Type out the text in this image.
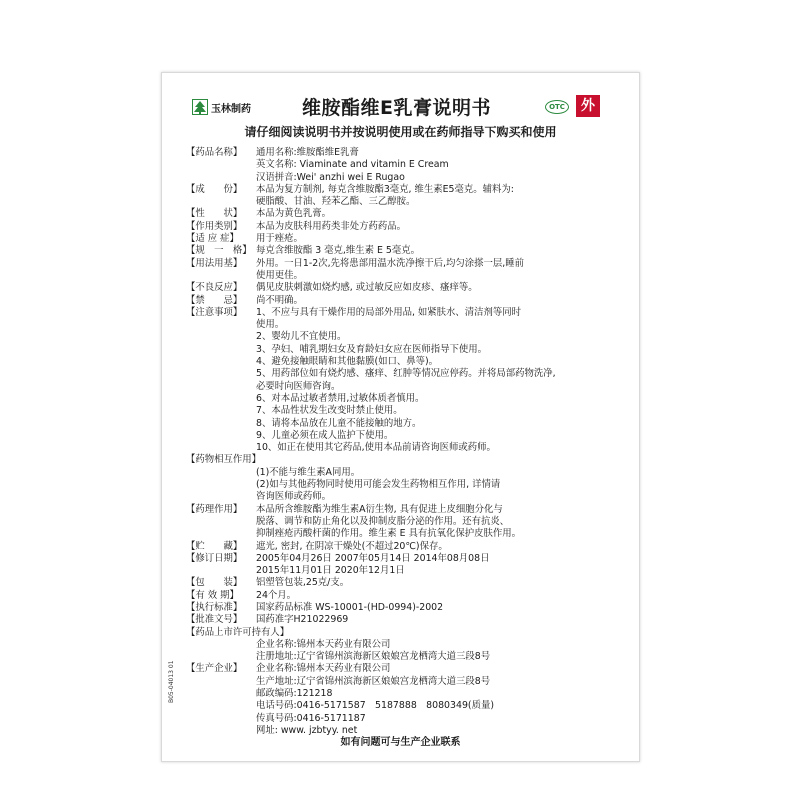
玉林制药	维胺酯维E乳膏说明书	OTC	外
请仔细阅读说明书并按说明使用或在药师指导下购买和使用
【药品名称】	通用名称:维胺酯维E乳膏
英文名称: Viaminate and vitamin E Cream
汉语拼音:Wei' anzhi wei E Rugao
【成　　份】	本品为复方制剂, 每克含维胺酯3毫克, 维生素E5毫克。辅料为:
硬脂酸、甘油、羟苯乙酯、三乙醇胺。
【性　　状】	本品为黄色乳膏。
【作用类别】	本品为皮肤科用药类非处方药药品。
【适 应 症】	用于痤疮。
【规　一　格】 每克含维胺酯 3 毫克,维生素 E 5毫克。
【用法用基】	外用。一日1-2次,先将患部用温水洗净擦干后,均匀涂搽一层,睡前
使用更佳。
【不良反应】	偶见皮肤刺激如烧灼感, 或过敏反应如皮疹、瘙痒等。
【禁　　忌】	尚不明确。
【注意事项】	1、不应与具有干燥作用的局部外用品, 如紧肤水、清洁剂等同时
使用。
2、婴幼儿不宜使用。
3、孕妇、哺乳期妇女及育龄妇女应在医师指导下使用。
4、避免接触眼睛和其他黏膜(如口、鼻等)。
5、用药部位如有烧灼感、瘙痒、红肿等情况应停药。并将局部药物洗净,
必要时向医师咨询。
6、对本品过敏者禁用,过敏体质者慎用。
7、本品性状发生改变时禁止使用。
8、请将本品放在儿童不能接触的地方。
9、儿童必须在成人监护下使用。
10、如正在使用其它药品,使用本品前请咨询医师或药师。
【药物相互作用】
(1)不能与维生素A同用。
(2)如与其他药物同时使用可能会发生药物相互作用, 详情请
咨询医师或药师。
【药理作用】	本品所含维胺酯为维生素A衍生物, 具有促进上皮细胞分化与
脱落、调节和防止角化以及抑制皮脂分泌的作用。还有抗炎、
抑制痤疮丙酸杆菌的作用。维生素 E 具有抗氧化保护皮肤作用。
【贮　　藏】	遮光, 密封, 在阴凉干燥处(不超过20℃)保存。
【修订日期】	2005年04月26日 2007年05月14日 2014年08月08日
2015年11月01日 2020年12月1日
【包　　装】	铝塑管包装,25克/支。
【有 效 期】	24个月。
【执行标准】	国家药品标准 WS-10001-(HD-0994)-2002
【批准文号】	国药准字H21022969
【药品上市许可持有人】
企业名称:锦州本天药业有限公司
注册地址:辽宁省锦州滨海新区娘娘宫龙栖湾大道三段8号
【生产企业】	企业名称:锦州本天药业有限公司
生产地址:辽宁省锦州滨海新区娘娘宫龙栖湾大道三段8号
邮政编码:121218
电话号码:0416-5171587　5187888　8080349(质量)
传真号码:0416-5171187
网址: www. jzbtyy. net
如有问题可与生产企业联系
B05-04013 01
